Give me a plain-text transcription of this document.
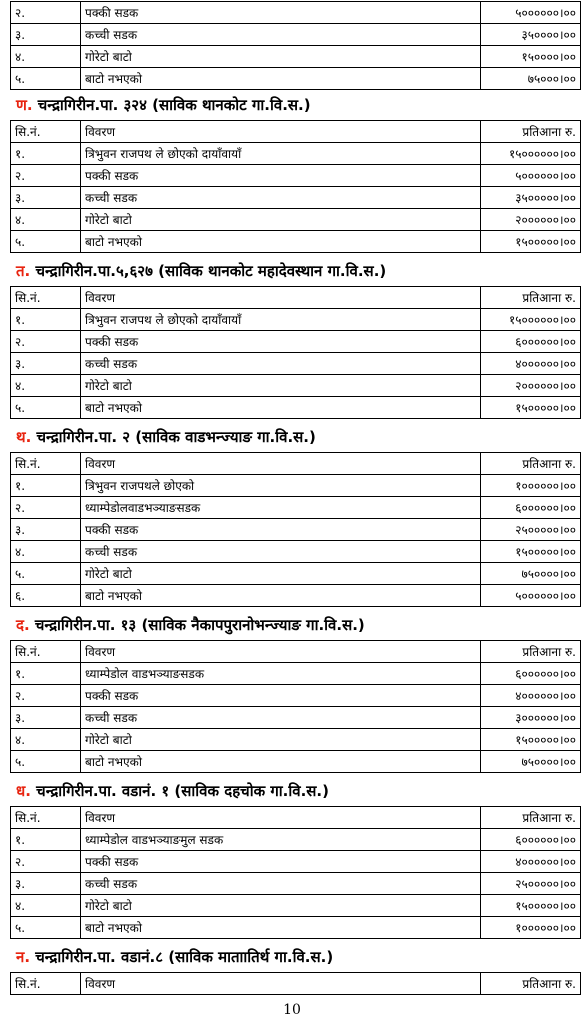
२.	पक्की सडक	५००००००।००
३.	कच्ची सडक	३५००००।००
४.	गोरेटो बाटो	१५००००।००
५.	बाटो नभएको	७५०००।००
ण. चन्द्रागिरीन.पा. ३२४ (साविक थानकोट गा.वि.स.)
सि.नं.	विवरण	प्रतिआना रु.
१.	त्रिभुवन राजपथ ले छोएको दायाँवायाँ	१५००००००।००
२.	पक्की सडक	५००००००।००
३.	कच्ची सडक	३५०००००।००
४.	गोरेटो बाटो	२००००००।००
५.	बाटो नभएको	१५०००००।००
त. चन्द्रागिरीन.पा.५,६२७ (साविक थानकोट महादेवस्थान गा.वि.स.)
सि.नं.	विवरण	प्रतिआना रु.
१.	त्रिभुवन राजपथ ले छोएको दायाँवायाँ	१५००००००।००
२.	पक्की सडक	६००००००।००
३.	कच्ची सडक	४००००००।००
४.	गोरेटो बाटो	२००००००।००
५.	बाटो नभएको	१५०००००।००
थ. चन्द्रागिरीन.पा. २ (साविक वाडभन्ज्याङ गा.वि.स.)
सि.नं.	विवरण	प्रतिआना रु.
१.	त्रिभुवन राजपथले छोएको	१००००००।००
२.	ध्याम्पेडोलवाडभञ्याङसडक	६००००००।००
३.	पक्की सडक	२५०००००।००
४.	कच्ची सडक	१५०००००।००
५.	गोरेटो बाटो	७५००००।००
६.	बाटो नभएको	५००००००।००
द. चन्द्रागिरीन.पा. १३ (साविक नैकापपुरानोभन्ज्याङ गा.वि.स.)
सि.नं.	विवरण	प्रतिआना रु.
१.	ध्याम्पेडोल वाडभञ्याङसडक	६००००००।००
२.	पक्की सडक	४००००००।००
३.	कच्ची सडक	३००००००।००
४.	गोरेटो बाटो	१५०००००।००
५.	बाटो नभएको	७५००००।००
ध. चन्द्रागिरीन.पा. वडानं. १ (साविक दहचोक गा.वि.स.)
सि.नं.	विवरण	प्रतिआना रु.
१.	ध्याम्पेडोल वाडभञ्याङमुल सडक	६००००००।००
२.	पक्की सडक	४००००००।००
३.	कच्ची सडक	२५०००००।००
४.	गोरेटो बाटो	१५०००००।००
५.	बाटो नभएको	१००००००।००
न. चन्द्रागिरीन.पा. वडानं.८ (साविक माताातिर्थ गा.वि.स.)
सि.नं.	विवरण	प्रतिआना रु.
10
